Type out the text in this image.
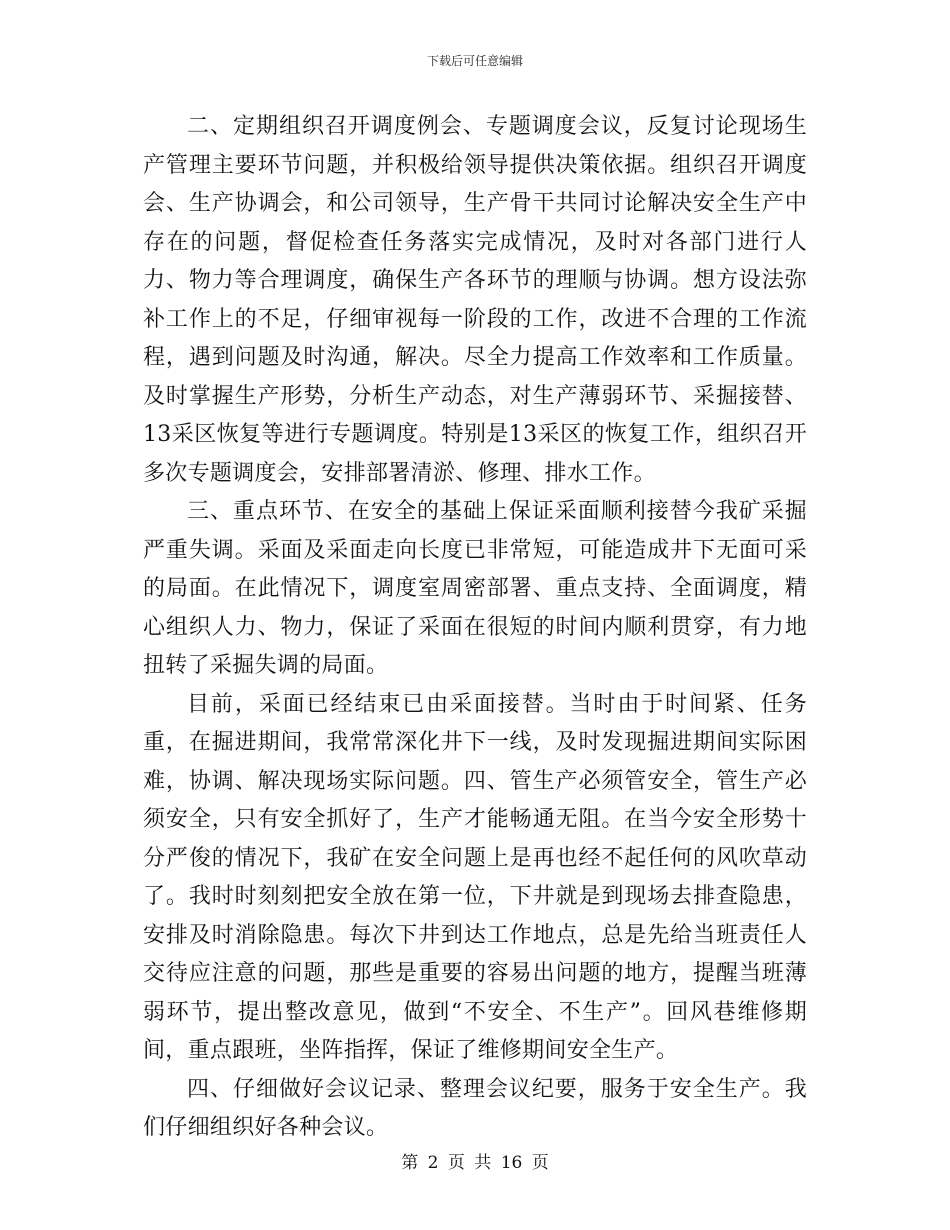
下载后可任意编辑

二、定期组织召开调度例会、专题调度会议，反复讨论现场生产管理主要环节问题，并积极给领导提供决策依据。组织召开调度会、生产协调会，和公司领导，生产骨干共同讨论解决安全生产中存在的问题，督促检查任务落实完成情况，及时对各部门进行人力、物力等合理调度，确保生产各环节的理顺与协调。想方设法弥补工作上的不足，仔细审视每一阶段的工作，改进不合理的工作流程，遇到问题及时沟通，解决。尽全力提高工作效率和工作质量。及时掌握生产形势，分析生产动态，对生产薄弱环节、采掘接替、13采区恢复等进行专题调度。特别是13采区的恢复工作，组织召开多次专题调度会，安排部署清淤、修理、排水工作。

三、重点环节、在安全的基础上保证采面顺利接替今我矿采掘严重失调。采面及采面走向长度已非常短，可能造成井下无面可采的局面。在此情况下，调度室周密部署、重点支持、全面调度，精心组织人力、物力，保证了采面在很短的时间内顺利贯穿，有力地扭转了采掘失调的局面。

目前，采面已经结束已由采面接替。当时由于时间紧、任务重，在掘进期间，我常常深化井下一线，及时发现掘进期间实际困难，协调、解决现场实际问题。四、管生产必须管安全，管生产必须安全，只有安全抓好了，生产才能畅通无阻。在当今安全形势十分严俊的情况下，我矿在安全问题上是再也经不起任何的风吹草动了。我时时刻刻把安全放在第一位，下井就是到现场去排查隐患，安排及时消除隐患。每次下井到达工作地点，总是先给当班责任人交待应注意的问题，那些是重要的容易出问题的地方，提醒当班薄弱环节，提出整改意见，做到“不安全、不生产”。回风巷维修期间，重点跟班，坐阵指挥，保证了维修期间安全生产。

四、仔细做好会议记录、整理会议纪要，服务于安全生产。我们仔细组织好各种会议。

第 2 页 共 16 页
